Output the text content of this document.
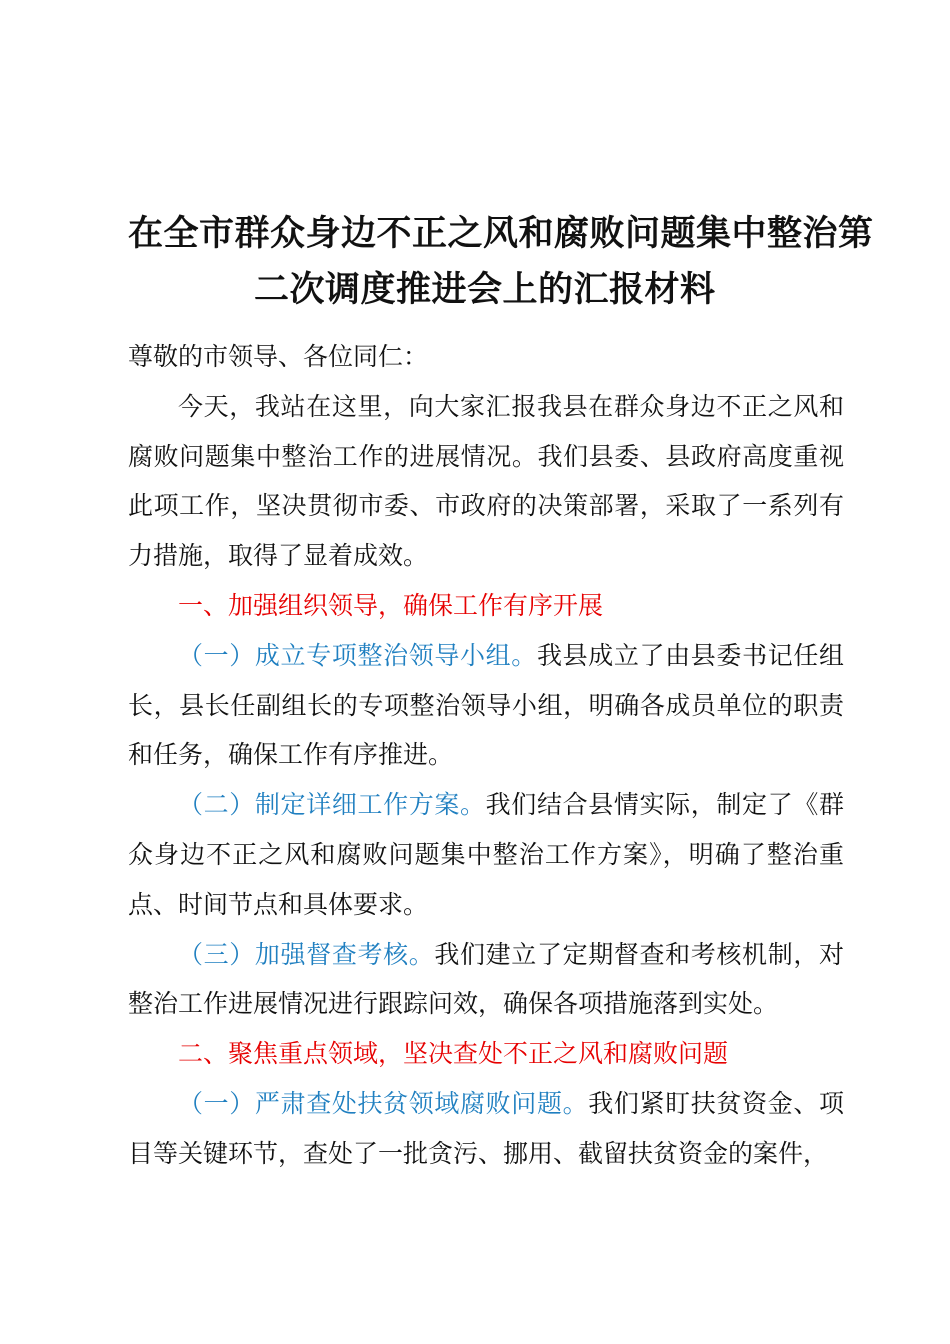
在全市群众身边不正之风和腐败问题集中整治第
二次调度推进会上的汇报材料

尊敬的市领导、各位同仁：

今天，我站在这里，向大家汇报我县在群众身边不正之风和腐败问题集中整治工作的进展情况。我们县委、县政府高度重视此项工作，坚决贯彻市委、市政府的决策部署，采取了一系列有力措施，取得了显着成效。

一、加强组织领导，确保工作有序开展

（一）成立专项整治领导小组。我县成立了由县委书记任组长，县长任副组长的专项整治领导小组，明确各成员单位的职责和任务，确保工作有序推进。

（二）制定详细工作方案。我们结合县情实际，制定了《群众身边不正之风和腐败问题集中整治工作方案》，明确了整治重点、时间节点和具体要求。

（三）加强督查考核。我们建立了定期督查和考核机制，对整治工作进展情况进行跟踪问效，确保各项措施落到实处。

二、聚焦重点领域，坚决查处不正之风和腐败问题

（一）严肃查处扶贫领域腐败问题。我们紧盯扶贫资金、项目等关键环节，查处了一批贪污、挪用、截留扶贫资金的案件，
